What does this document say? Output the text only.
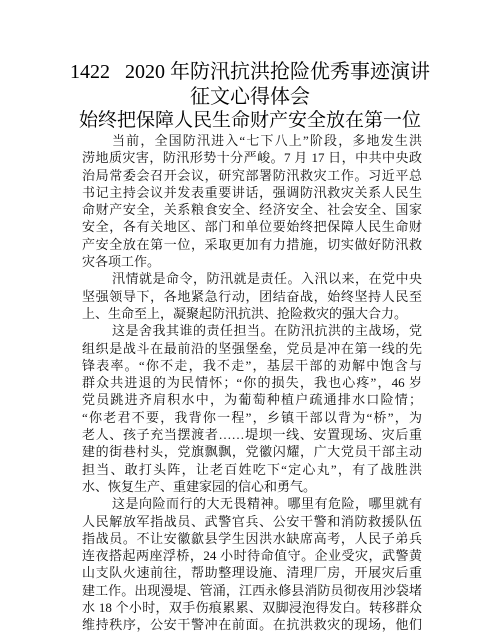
1422   2020 年防汛抗洪抢险优秀事迹演讲
征文心得体会
始终把保障人民生命财产安全放在第一位
当前，全国防汛进入“七下八上”阶段，多地发生洪
涝地质灾害，防汛形势十分严峻。7 月 17 日，中共中央政
治局常委会召开会议，研究部署防汛救灾工作。习近平总
书记主持会议并发表重要讲话，强调防汛救灾关系人民生
命财产安全，关系粮食安全、经济安全、社会安全、国家
安全，各有关地区、部门和单位要始终把保障人民生命财
产安全放在第一位，采取更加有力措施，切实做好防汛救
灾各项工作。
汛情就是命令，防汛就是责任。入汛以来，在党中央
坚强领导下，各地紧急行动，团结奋战，始终坚持人民至
上、生命至上，凝聚起防汛抗洪、抢险救灾的强大合力。
这是舍我其谁的责任担当。在防汛抗洪的主战场，党
组织是战斗在最前沿的坚强堡垒，党员是冲在第一线的先
锋表率。“你不走，我不走”，基层干部的劝解中饱含与
群众共进退的为民情怀；“你的损失，我也心疼”，46 岁
党员跳进齐肩积水中，为葡萄种植户疏通排水口险情；
“你老君不要，我背你一程”，乡镇干部以背为“桥”，为
老人、孩子充当摆渡者……堤坝一线、安置现场、灾后重
建的街巷村头，党旗飘飘，党徽闪耀，广大党员干部主动
担当、敢打头阵，让老百姓吃下“定心丸”，有了战胜洪
水、恢复生产、重建家园的信心和勇气。
这是向险而行的大无畏精神。哪里有危险，哪里就有
人民解放军指战员、武警官兵、公安干警和消防救援队伍
指战员。不让安徽歙县学生因洪水缺席高考，人民子弟兵
连夜搭起两座浮桥，24 小时待命值守。企业受灾，武警黄
山支队火速前往，帮助整理设施、清理厂房，开展灾后重
建工作。出现漫堤、管涌，江西永修县消防员彻夜用沙袋堵
水 18 个小时，双手伤痕累累、双脚浸泡得发白。转移群众
维持秩序，公安干警冲在前面。在抗洪救灾的现场，他们
